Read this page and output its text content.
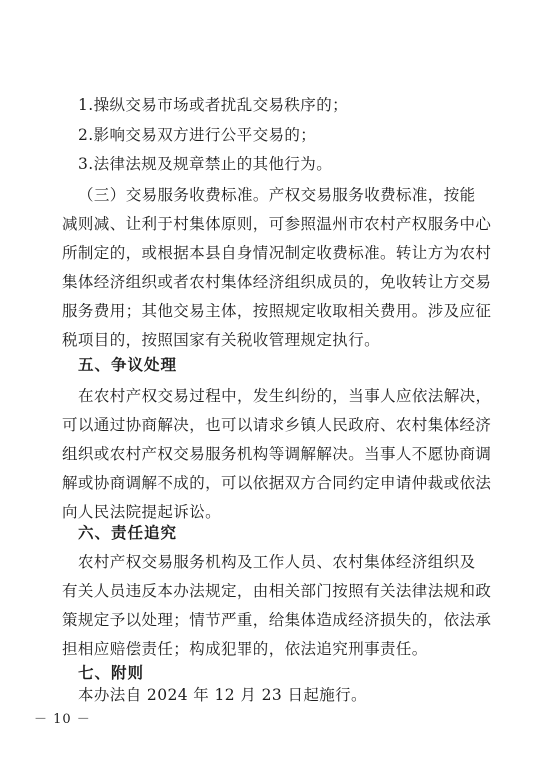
1.操纵交易市场或者扰乱交易秩序的；
2.影响交易双方进行公平交易的；
3.法律法规及规章禁止的其他行为。
（三）交易服务收费标准。产权交易服务收费标准，按能
减则减、让利于村集体原则，可参照温州市农村产权服务中心
所制定的，或根据本县自身情况制定收费标准。转让方为农村
集体经济组织或者农村集体经济组织成员的，免收转让方交易
服务费用；其他交易主体，按照规定收取相关费用。涉及应征
税项目的，按照国家有关税收管理规定执行。
五、争议处理
在农村产权交易过程中，发生纠纷的，当事人应依法解决，
可以通过协商解决，也可以请求乡镇人民政府、农村集体经济
组织或农村产权交易服务机构等调解解决。当事人不愿协商调
解或协商调解不成的，可以依据双方合同约定申请仲裁或依法
向人民法院提起诉讼。
六、责任追究
农村产权交易服务机构及工作人员、农村集体经济组织及
有关人员违反本办法规定，由相关部门按照有关法律法规和政
策规定予以处理；情节严重，给集体造成经济损失的，依法承
担相应赔偿责任；构成犯罪的，依法追究刑事责任。
七、附则
－ 10 －
本办法自 2024 年 12 月 23 日起施行。
